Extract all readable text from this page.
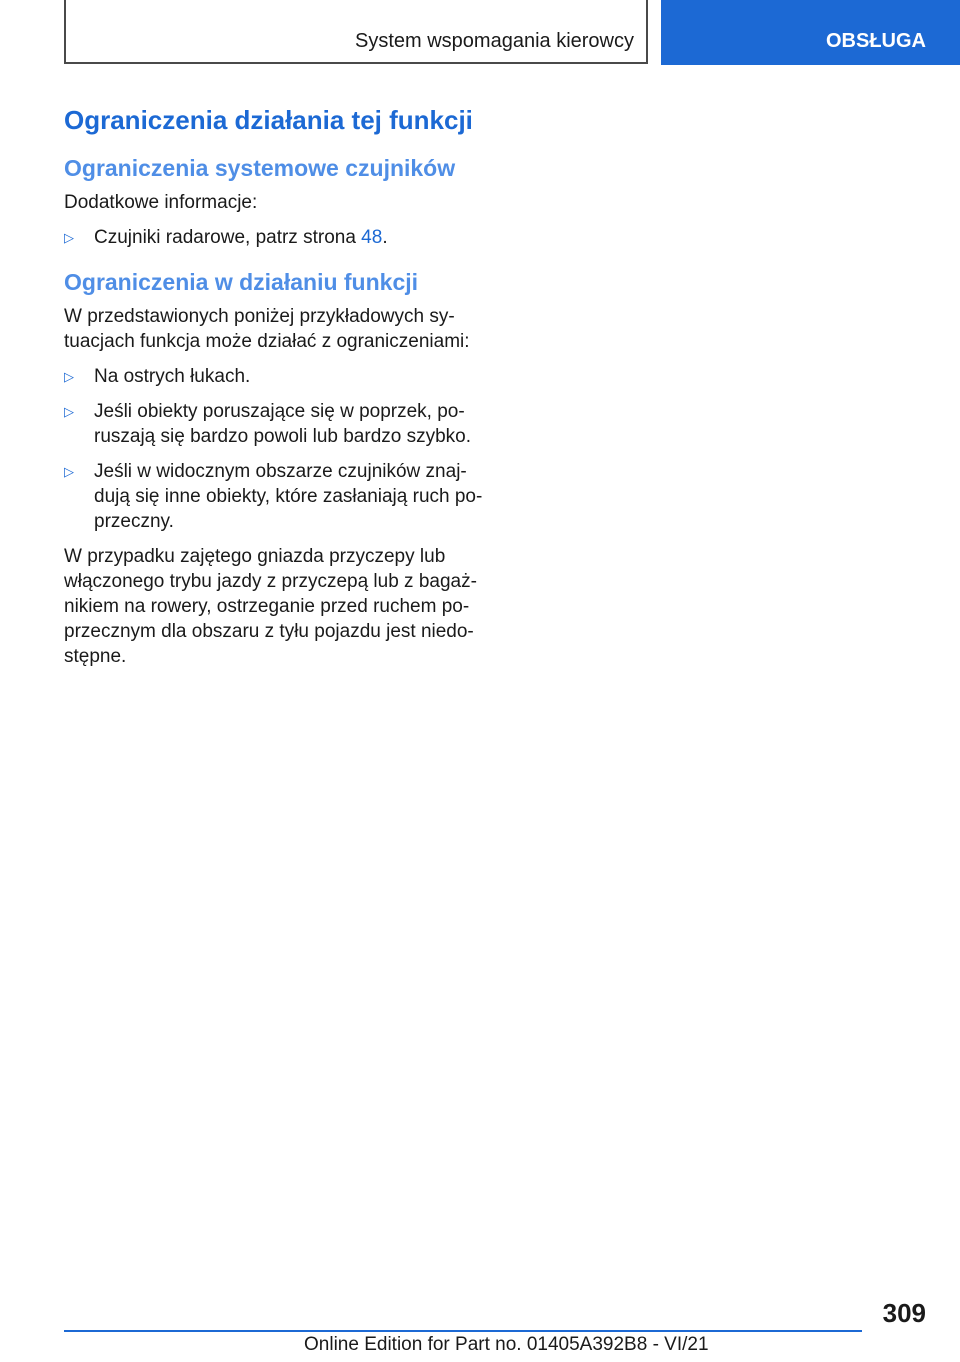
System wspomagania kierowcy	OBSŁUGA
Ograniczenia działania tej funkcji
Ograniczenia systemowe czujników

Dodatkowe informacje:

▷ Czujniki radarowe, patrz strona 48.
Ograniczenia w działaniu funkcji

W przedstawionych poniżej przykładowych sy-tuacjach funkcja może działać z ograniczeniami:

▷ Na ostrych łukach.
▷ Jeśli obiekty poruszające się w poprzek, po-ruszają się bardzo powoli lub bardzo szybko.
▷ Jeśli w widocznym obszarze czujników znaj-dują się inne obiekty, które zasłaniają ruch po-przeczny.

W przypadku zajętego gniazda przyczepy lub włączonego trybu jazdy z przyczepą lub z bagaż-nikiem na rowery, ostrzeganie przed ruchem po-przecznym dla obszaru z tyłu pojazdu jest niedo-stępne.

309
Online Edition for Part no. 01405A392B8 - VI/21
